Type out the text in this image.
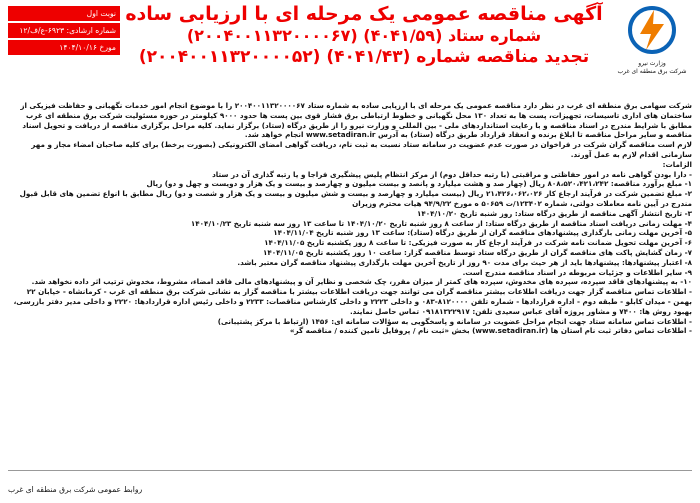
نوبت اول
شماره ارشادی: ۶۹۲۳-ع/ف/۱۲
مورخ ۱۴۰۴/۱۰/۱۶
آگهی مناقصه عمومی یک مرحله ای با ارزیابی ساده
شماره ستاد (۴۰۴۱/۵۹) (۲۰۰۴۰۰۱۱۳۲۰۰۰۰۶۷)
تجدید مناقصه شماره (۴۰۴۱/۴۳) (۲۰۰۴۰۰۱۱۳۲۰۰۰۰۵۲)	وزارت نیرو
شرکت برق منطقه ای غرب

شرکت سهامی برق منطقه ای غرب در نظر دارد مناقصه عمومی یک مرحله ای با ارزیابی ساده به شماره ستاد ۲۰۰۴۰۰۱۱۳۲۰۰۰۰۶۷ را با موضوع انجام امور خدمات نگهبانی و حفاظت فیزیکی از ساختمان های اداری تاسیسات، تجهیزات، پست ها به تعداد ۱۳۰ محل نگهبانی و خطوط ارتباطی برق فشار قوی بین پست ها حدود ۹۰۰۰ کیلومتر در حوزه مسئولیت شرکت برق منطقه ای غرب مطابق با شرایط مندرج در اسناد مناقصه و با رعایت استانداردهای ملی - بین المللی و وزارت نیرو را از طریق درگاه (ستاد) برگزار نماید. کلیه مراحل برگزاری مناقصه از دریافت و تحویل اسناد مناقصه و سایر مراحل مناقصه تا ابلاغ برنده و انعقاد قرارداد طریق درگاه (ستاد) به آدرس www.setadiran.ir انجام خواهد شد.

لازم است مناقصه گران شرکت در فراخوان در صورت عدم عضویت در سامانه ستاد نسبت به ثبت نام، دریافت گواهی امضای الکترونیکی (بصورت برخط) برای کلیه صاحبان امضاء مجاز و مهر سازمانی اقدام لازم به عمل آورند.

الزامات:

- دارا بودن گواهی نامه در امور حفاظتی و مراقبتی (با رتبه حداقل دوم) از مرکز انتظام پلیس پیشگیری فراجا و یا رتبه گذاری آن در ستاد

۱- مبلغ برآورد مناقصه: ۸۰۸،۵۲۰،۴۲۱،۲۴۲ ریال (چهار صد و هشت میلیارد و پانصد و بیست میلیون و چهارصد و بیست و یک هزار و دویست و چهل و دو) ریال

۲- مبلغ تضمین شرکت در فرآیند ارجاع کار ۲۱،۴۲۶،۰۶۲،۰۲۶ ریال (بیست میلیارد و چهارصد و بیست و شش میلیون و بیست و یک هزار و شصت و دو) ریال مطابق با انواع تضمین های قابل قبول مندرج در آیین نامه معاملات دولتی، شماره ۱۲۳۴۰۲/ت ۵۰۶۵۹ ه مورخ ۹۴/۹/۲۲ هیات محترم وزیران

۳- تاریخ انتشار آگهی مناقصه از طریق درگاه ستاد: روز شنبه تاریخ ۱۴۰۴/۱۰/۲۰

۴- مهلت زمانی دریافت اسناد مناقصه از طریق درگاه ستاد: از ساعت ۸ روز شنبه تاریخ ۱۴۰۴/۱۰/۲۰ تا ساعت ۱۳ روز سه شنبه تاریخ ۱۴۰۴/۱۰/۲۳

۵- آخرین مهلت زمانی بارگذاری پیشنهادهای مناقصه گران از طریق درگاه (ستاد): ساعت ۱۳ روز شنبه تاریخ ۱۴۰۴/۱۱/۰۴

۶- آخرین مهلت تحویل ضمانت نامه شرکت در فرآیند ارجاع کار به صورت فیزیکی: تا ساعت ۸ روز یکشنبه تاریخ ۱۴۰۴/۱۱/۰۵

۷- زمان گشایش پاکت های مناقصه گران از طریق درگاه ستاد توسط مناقصه گزار: ساعت ۱۰ روز یکشنبه تاریخ ۱۴۰۴/۱۱/۰۵

۸- اعتبار پیشنهادها: پیشنهادها باید از هر حیث برای مدت ۹۰ روز از تاریخ آخرین مهلت بارگذاری پیشنهاد مناقصه گران معتبر باشد.

۹- سایر اطلاعات و جزئیات مربوطه در اسناد مناقصه مندرج است.

۱۰- به پیشنهادهای فاقد سپرده، سپرده های مخدوش، سپرده های کمتر از میزان مقرر، چک شخصی و نظایر آن و پیشنهادهای مالی فاقد امضاء، مشروط، مخدوش ترتیب اثر داده نخواهد شد.

- اطلاعات تماس مناقصه گزار جهت دریافت اطلاعات بیشتر مناقصه گران می توانند جهت دریافت اطلاعات بیشتر با مناقصه گزار به نشانی شرکت برق منطقه ای غرب - کرمانشاه - خیابان ۲۲ بهمن - میدان کابلو - طبقه دوم - اداره قراردادها - شماره تلفن ۸۱۲۰۰۰۰-۰۸۳ و داخلی ۲۲۲۳ و داخلی کارشناس مناقصات: ۲۲۳۳ و داخلی رئیس اداره قراردادها: ۲۲۲۰ و داخلی مدیر دفتر بازرسی، بهبود روش ها: ۷۴۰۰ و مشاور پروژه آقای عباس سعیدی تلفن: ۰۹۱۸۱۳۲۲۹۱۷ تماس حاصل نمایند.

- اطلاعات تماس سامانه ستاد جهت انجام مراحل عضویت در سامانه و پاسخگویی به سؤالات سامانه ای: ۱۴۵۶ (ارتباط با مرکز پشتیبانی)

- اطلاعات تماس دفاتر ثبت نام استان ها (www.setadiran.ir) بخش «ثبت نام / پروفایل تامین کننده / مناقصه گر»

روابط عمومی شرکت برق منطقه ای غرب
